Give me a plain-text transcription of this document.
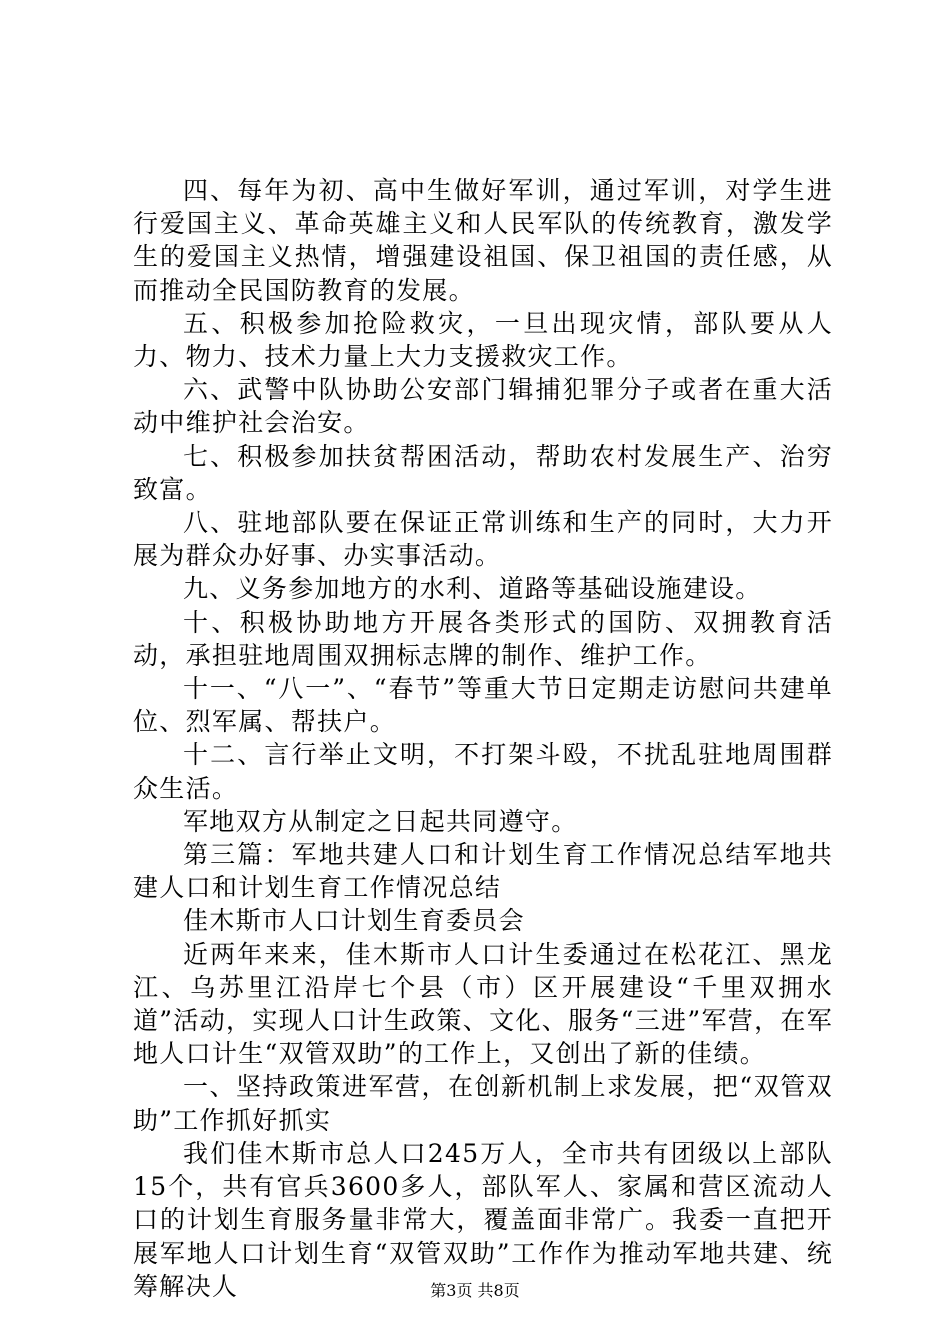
四、每年为初、高中生做好军训，通过军训，对学生进行爱国主义、革命英雄主义和人民军队的传统教育，激发学生的爱国主义热情，增强建设祖国、保卫祖国的责任感，从而推动全民国防教育的发展。

五、积极参加抢险救灾，一旦出现灾情，部队要从人力、物力、技术力量上大力支援救灾工作。

六、武警中队协助公安部门辑捕犯罪分子或者在重大活动中维护社会治安。

七、积极参加扶贫帮困活动，帮助农村发展生产、治穷致富。

八、驻地部队要在保证正常训练和生产的同时，大力开展为群众办好事、办实事活动。

九、义务参加地方的水利、道路等基础设施建设。

十、积极协助地方开展各类形式的国防、双拥教育活动，承担驻地周围双拥标志牌的制作、维护工作。

十一、“八一”、“春节”等重大节日定期走访慰问共建单位、烈军属、帮扶户。

十二、言行举止文明，不打架斗殴，不扰乱驻地周围群众生活。

军地双方从制定之日起共同遵守。

第三篇：军地共建人口和计划生育工作情况总结军地共建人口和计划生育工作情况总结

佳木斯市人口计划生育委员会

近两年来来，佳木斯市人口计生委通过在松花江、黑龙江、乌苏里江沿岸七个县（市）区开展建设“千里双拥水道”活动，实现人口计生政策、文化、服务“三进”军营，在军地人口计生“双管双助”的工作上，又创出了新的佳绩。

一、坚持政策进军营，在创新机制上求发展，把“双管双助”工作抓好抓实

我们佳木斯市总人口245万人，全市共有团级以上部队15个，共有官兵3600多人，部队军人、家属和营区流动人口的计划生育服务量非常大，覆盖面非常广。我委一直把开展军地人口计划生育“双管双助”工作作为推动军地共建、统筹解决人	第3页 共8页
